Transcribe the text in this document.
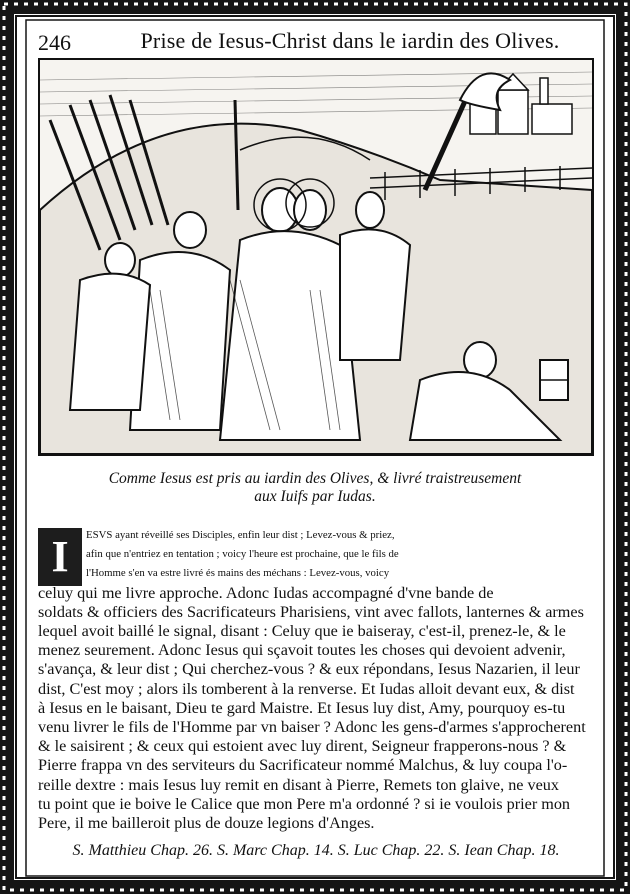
246	Prise de Iesus-Christ dans le iardin des Olives.
Comme Iesus est pris au iardin des Olives, & livré traistreusement
aux Iuifs par Iudas.
I	ESVS ayant réveillé ses Disciples, enfin leur dist ; Levez-vous & priez,
afin que n'entriez en tentation ; voicy l'heure est prochaine, que le fils de
l'Homme s'en va estre livré és mains des méchans : Levez-vous, voicy
celuy qui me livre approche. Adonc Iudas accompagné d'vne bande de
soldats & officiers des Sacrificateurs Pharisiens, vint avec fallots, lanternes & armes
lequel avoit baillé le signal, disant : Celuy que ie baiseray, c'est-il, prenez-le, & le
menez seurement. Adonc Iesus qui sçavoit toutes les choses qui devoient advenir,
s'avança, & leur dist ; Qui cherchez-vous ? & eux répondans, Iesus Nazarien, il leur
dist, C'est moy ; alors ils tomberent à la renverse. Et Iudas alloit devant eux, & dist
à Iesus en le baisant, Dieu te gard Maistre. Et Iesus luy dist, Amy, pourquoy es-tu
venu livrer le fils de l'Homme par vn baiser ? Adonc les gens-d'armes s'approcherent
& le saisirent ; & ceux qui estoient avec luy dirent, Seigneur frapperons-nous ? &
Pierre frappa vn des serviteurs du Sacrificateur nommé Malchus, & luy coupa l'o-
reille dextre : mais Iesus luy remit en disant à Pierre, Remets ton glaive, ne veux
tu point que ie boive le Calice que mon Pere m'a ordonné ? si ie voulois prier mon
Pere, il me bailleroit plus de douze legions d'Anges.
S. Matthieu Chap. 26. S. Marc Chap. 14. S. Luc Chap. 22. S. Iean Chap. 18.
